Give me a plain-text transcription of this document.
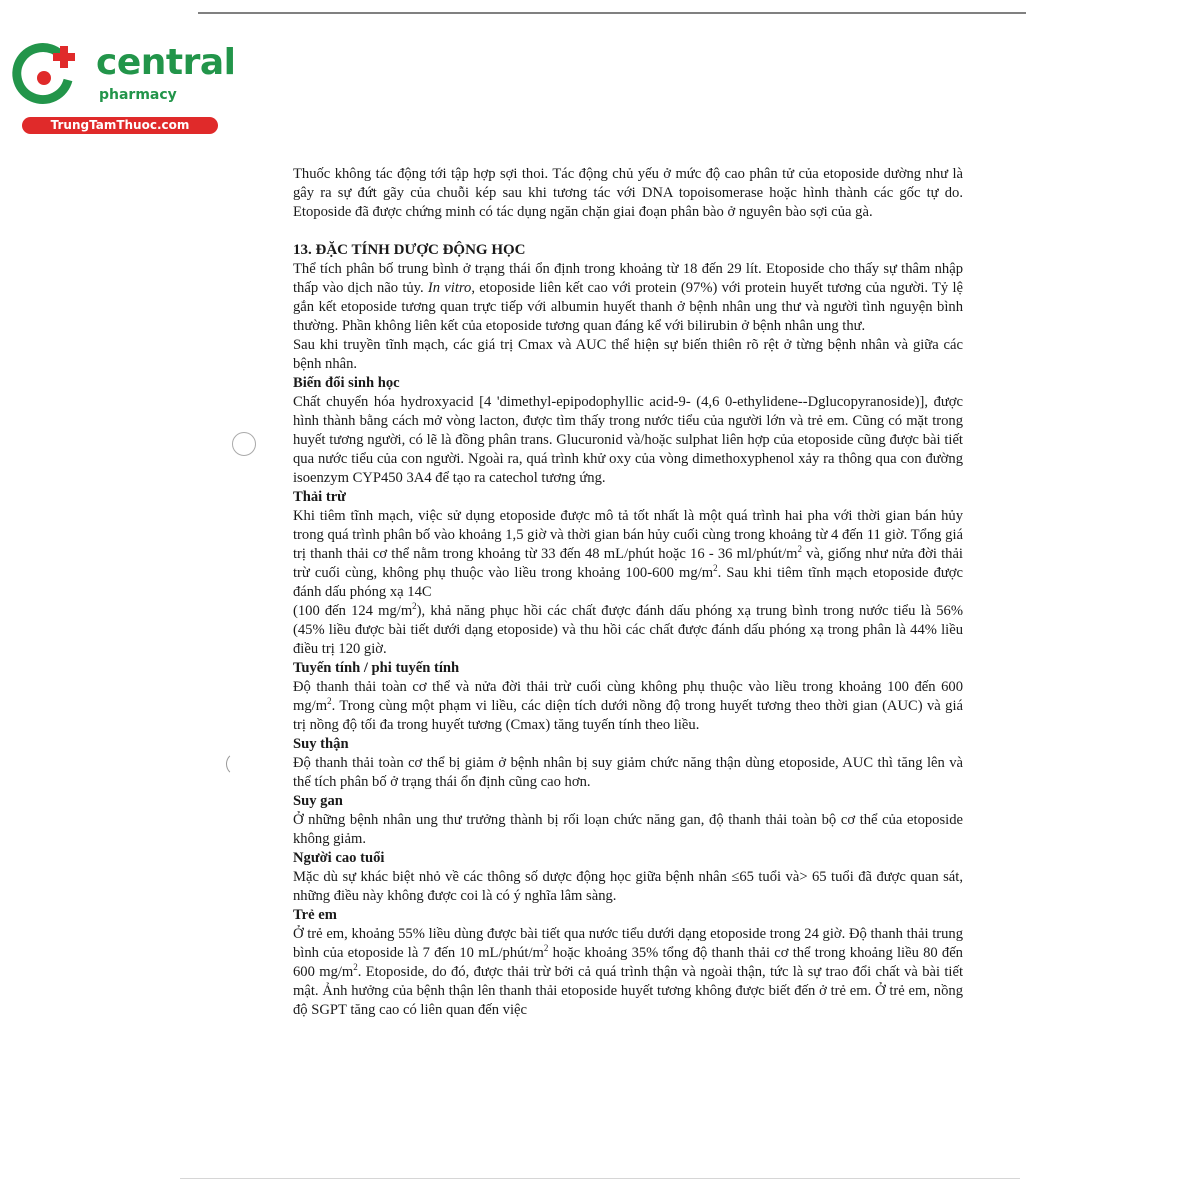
central
pharmacy
TrungTamThuoc.com

Thuốc không tác động tới tập hợp sợi thoi. Tác động chủ yếu ở mức độ cao phân tử của etoposide dường như là gây ra sự đứt gãy của chuỗi kép sau khi tương tác với DNA topoisomerase hoặc hình thành các gốc tự do. Etoposide đã được chứng minh có tác dụng ngăn chặn giai đoạn phân bào ở nguyên bào sợi của gà.

13. ĐẶC TÍNH DƯỢC ĐỘNG HỌC

Thể tích phân bố trung bình ở trạng thái ổn định trong khoảng từ 18 đến 29 lít. Etoposide cho thấy sự thâm nhập thấp vào dịch não tủy. In vitro, etoposide liên kết cao với protein (97%) với protein huyết tương của người. Tỷ lệ gắn kết etoposide tương quan trực tiếp với albumin huyết thanh ở bệnh nhân ung thư và người tình nguyện bình thường. Phần không liên kết của etoposide tương quan đáng kể với bilirubin ở bệnh nhân ung thư.

Sau khi truyền tĩnh mạch, các giá trị Cmax và AUC thể hiện sự biến thiên rõ rệt ở từng bệnh nhân và giữa các bệnh nhân.

Biến đổi sinh học

Chất chuyển hóa hydroxyacid [4 'dimethyl-epipodophyllic acid-9- (4,6 0-ethylidene--Dglucopyranoside)], được hình thành bằng cách mở vòng lacton, được tìm thấy trong nước tiểu của người lớn và trẻ em. Cũng có mặt trong huyết tương người, có lẽ là đồng phân trans. Glucuronid và/hoặc sulphat liên hợp của etoposide cũng được bài tiết qua nước tiểu của con người. Ngoài ra, quá trình khử oxy của vòng dimethoxyphenol xảy ra thông qua con đường isoenzym CYP450 3A4 để tạo ra catechol tương ứng.

Thải trừ

Khi tiêm tĩnh mạch, việc sử dụng etoposide được mô tả tốt nhất là một quá trình hai pha với thời gian bán hủy trong quá trình phân bố vào khoảng 1,5 giờ và thời gian bán hủy cuối cùng trong khoảng từ 4 đến 11 giờ. Tổng giá trị thanh thải cơ thể nằm trong khoảng từ 33 đến 48 mL/phút hoặc 16 - 36 $ml/phút/m^2$ và, giống như nửa đời thải trừ cuối cùng, không phụ thuộc vào liều trong khoảng 100-600 $mg/m^2$. Sau khi tiêm tĩnh mạch etoposide được đánh dấu phóng xạ 14C

(100 đến 124 $mg/m^2$), khả năng phục hồi các chất được đánh dấu phóng xạ trung bình trong nước tiểu là 56% (45% liều được bài tiết dưới dạng etoposide) và thu hồi các chất được đánh dấu phóng xạ trong phân là 44% liều điều trị 120 giờ.

Tuyến tính / phi tuyến tính

Độ thanh thải toàn cơ thể và nửa đời thải trừ cuối cùng không phụ thuộc vào liều trong khoảng 100 đến 600 $mg/m^2$. Trong cùng một phạm vi liều, các diện tích dưới nồng độ trong huyết tương theo thời gian (AUC) và giá trị nồng độ tối đa trong huyết tương (Cmax) tăng tuyến tính theo liều.

Suy thận

Độ thanh thải toàn cơ thể bị giảm ở bệnh nhân bị suy giảm chức năng thận dùng etoposide, AUC thì tăng lên và thể tích phân bố ở trạng thái ổn định cũng cao hơn.

Suy gan

Ở những bệnh nhân ung thư trưởng thành bị rối loạn chức năng gan, độ thanh thải toàn bộ cơ thể của etoposide không giảm.

Người cao tuổi

Mặc dù sự khác biệt nhỏ về các thông số dược động học giữa bệnh nhân ≤65 tuổi và> 65 tuổi đã được quan sát, những điều này không được coi là có ý nghĩa lâm sàng.

Trẻ em

Ở trẻ em, khoảng 55% liều dùng được bài tiết qua nước tiểu dưới dạng etoposide trong 24 giờ. Độ thanh thải trung bình của etoposide là 7 đến 10 $mL/phút/m^2$ hoặc khoảng 35% tổng độ thanh thải cơ thể trong khoảng liều 80 đến 600 $mg/m^2$. Etoposide, do đó, được thải trừ bởi cả quá trình thận và ngoài thận, tức là sự trao đổi chất và bài tiết mật. Ảnh hưởng của bệnh thận lên thanh thải etoposide huyết tương không được biết đến ở trẻ em. Ở trẻ em, nồng độ SGPT tăng cao có liên quan đến việc
